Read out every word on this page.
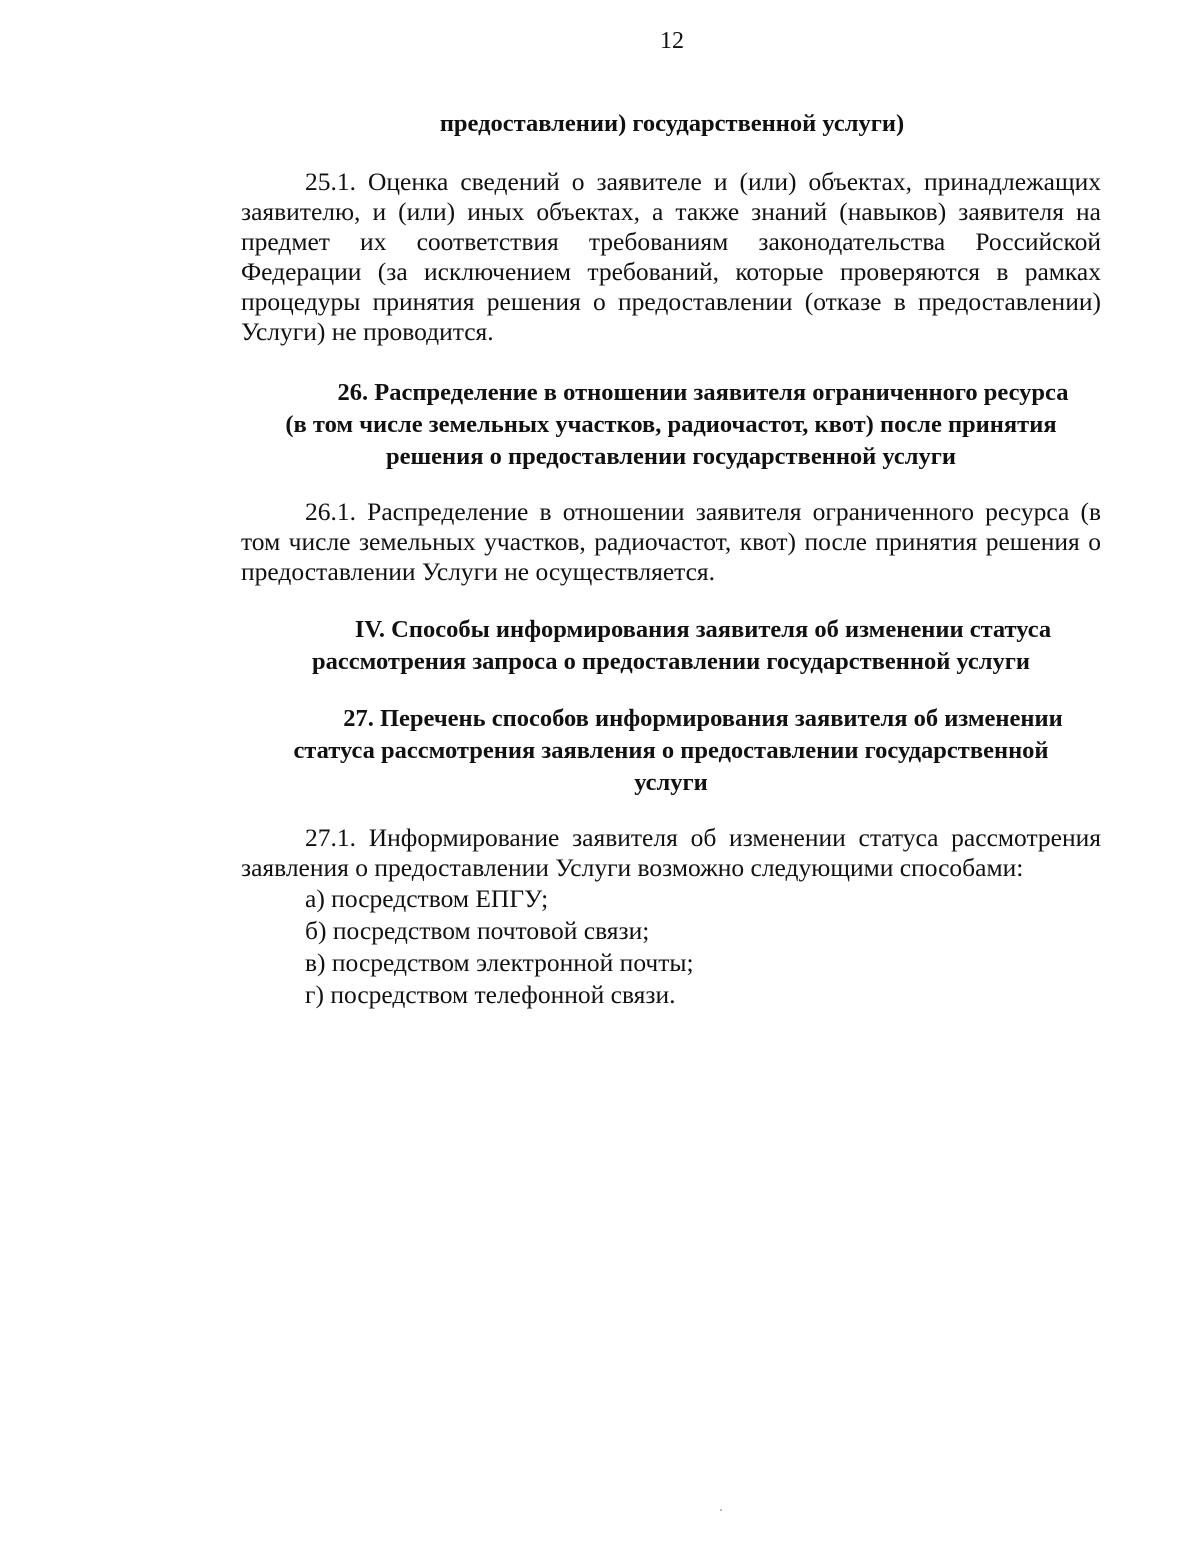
12
предоставлении) государственной услуги)
25.1. Оценка сведений о заявителе и (или) объектах, принадлежащих
заявителю, и (или) иных объектах, а также знаний (навыков) заявителя на
предмет их соответствия требованиям законодательства Российской
Федерации (за исключением требований, которые проверяются в рамках
процедуры принятия решения о предоставлении (отказе в предоставлении)
Услуги) не проводится.
26. Распределение в отношении заявителя ограниченного ресурса
(в том числе земельных участков, радиочастот, квот) после принятия
решения о предоставлении государственной услуги
26.1. Распределение в отношении заявителя ограниченного ресурса (в
том числе земельных участков, радиочастот, квот) после принятия решения о
предоставлении Услуги не осуществляется.
IV. Способы информирования заявителя об изменении статуса
рассмотрения запроса о предоставлении государственной услуги
27. Перечень способов информирования заявителя об изменении
статуса рассмотрения заявления о предоставлении государственной
услуги
27.1. Информирование заявителя об изменении статуса рассмотрения
заявления о предоставлении Услуги возможно следующими способами:
а) посредством ЕПГУ;
б) посредством почтовой связи;
в) посредством электронной почты;
г) посредством телефонной связи.
